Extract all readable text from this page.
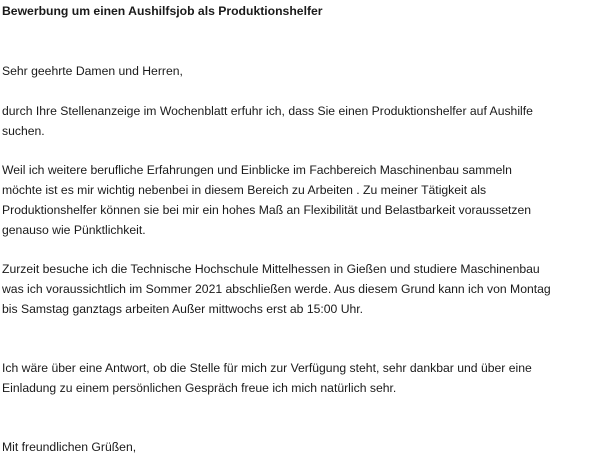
Bewerbung um einen Aushilfsjob als Produktionshelfer
Sehr geehrte Damen und Herren,
durch Ihre Stellenanzeige im Wochenblatt erfuhr ich, dass Sie einen Produktionshelfer auf Aushilfe
suchen.
Weil ich weitere berufliche Erfahrungen und Einblicke im Fachbereich Maschinenbau sammeln
möchte ist es mir wichtig nebenbei in diesem Bereich zu Arbeiten . Zu meiner Tätigkeit als
Produktionshelfer können sie bei mir ein hohes Maß an Flexibilität und Belastbarkeit voraussetzen
genauso wie Pünktlichkeit.
Zurzeit besuche ich die Technische Hochschule Mittelhessen in Gießen und studiere Maschinenbau
was ich voraussichtlich im Sommer 2021 abschließen werde. Aus diesem Grund kann ich von Montag
bis Samstag ganztags arbeiten Außer mittwochs erst ab 15:00 Uhr.
Ich wäre über eine Antwort, ob die Stelle für mich zur Verfügung steht, sehr dankbar und über eine
Einladung zu einem persönlichen Gespräch freue ich mich natürlich sehr.
Mit freundlichen Grüßen,
